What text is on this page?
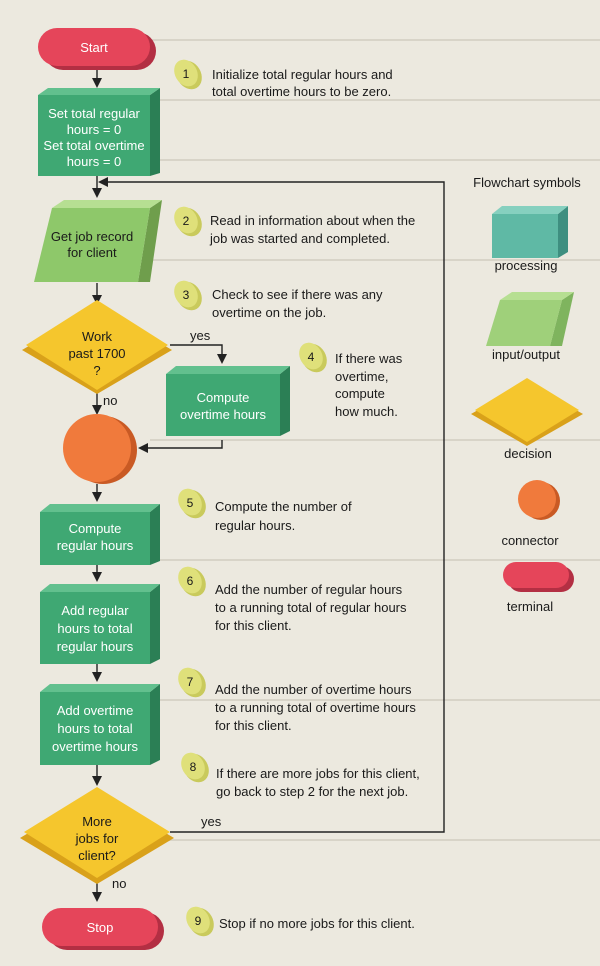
Start
Set total regular
hours = 0
Set total overtime
hours = 0
Get job record
for client
Work
past 1700
?
yes
no	Compute
overtime hours
Compute
regular hours
Add regular
hours to total
regular hours
Add overtime
hours to total
overtime hours
More
jobs for
client?
yes
no
Stop
1 Initialize total regular hours and
total overtime hours to be zero.
2 Read in information about when the
job was started and completed.
3 Check to see if there was any
overtime on the job.
4 If there was
overtime,
compute
how much.
5 Compute the number of
regular hours.
6
Add the number of regular hours
to a running total of regular hours
for this client.
7 Add the number of overtime hours
to a running total of overtime hours
for this client.
8 If there are more jobs for this client,
go back to step 2 for the next job.
9 Stop if no more jobs for this client.
Flowchart symbols
processing
input/output
decision
connector
terminal
